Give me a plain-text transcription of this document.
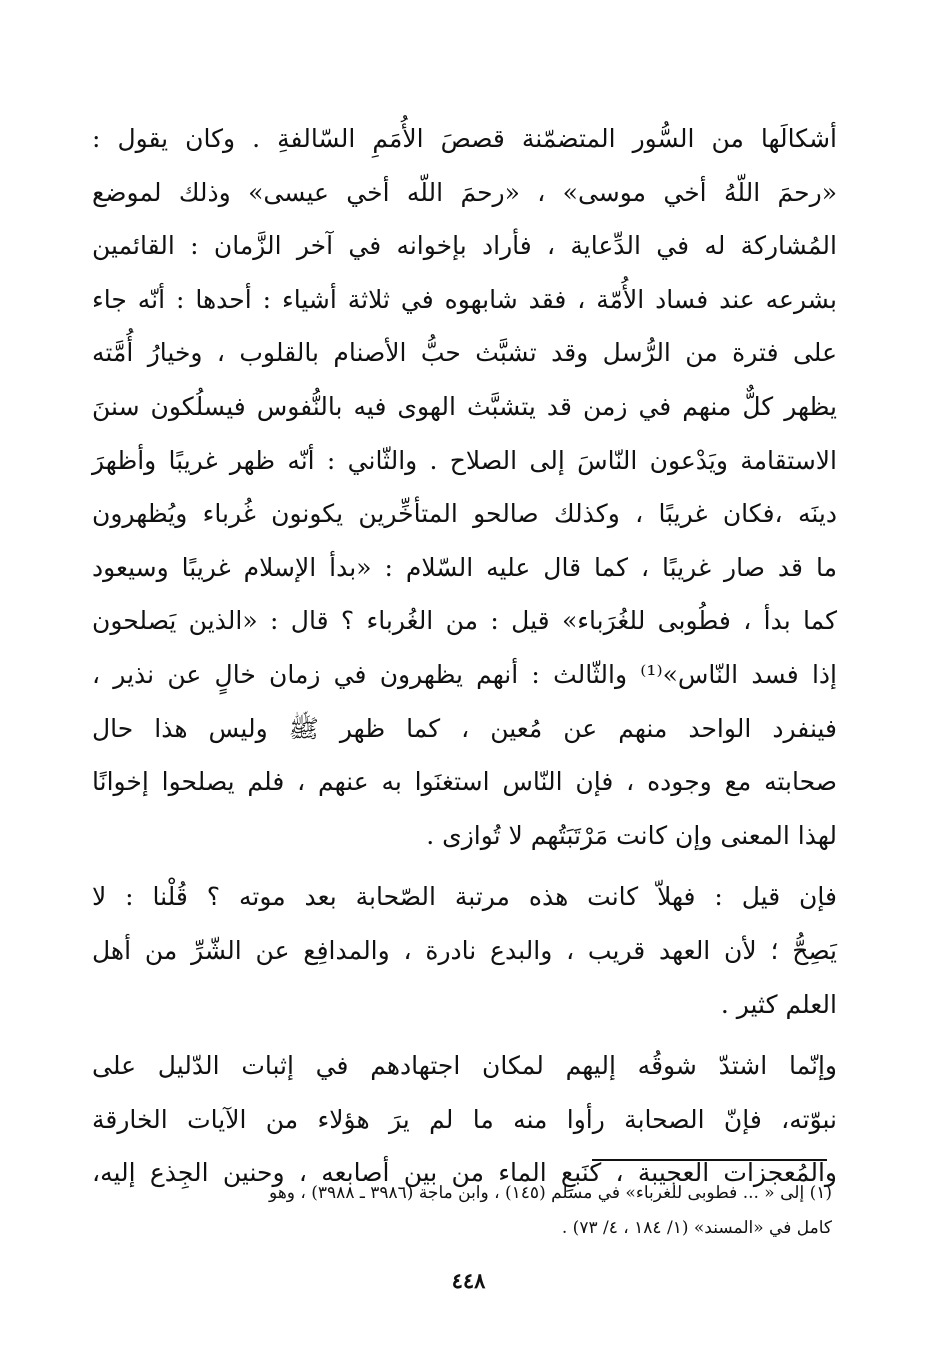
أشكالَها من السُّور المتضمّنة قصصَ الأُمَمِ السّالفةِ . وكان يقول :
«رحمَ اللّهُ أخي موسى» ، «رحمَ اللّه أخي عيسى» وذلك لموضع
المُشاركة له في الدِّعاية ، فأراد بإخوانه في آخر الزَّمان : القائمين
بشرعه عند فساد الأُمّة ، فقد شابهوه في ثلاثة أشياء : أحدها : أنّه جاء
على فترة من الرُّسل وقد تشبَّث حبُّ الأصنام بالقلوب ، وخيارُ أُمَّته
يظهر كلٌّ منهم في زمن قد يتشبَّث الهوى فيه بالنُّفوس فيسلُكون سننَ
الاستقامة ويَدْعون النّاسَ إلى الصلاح . والثّاني : أنّه ظهر غريبًا وأظهرَ
دينَه ،فكان غريبًا ، وكذلك صالحو المتأخِّرين يكونون غُرباء ويُظهرون
ما قد صار غريبًا ، كما قال عليه السّلام : «بدأ الإسلام غريبًا وسيعود
كما بدأ ، فطُوبى للغُرَباء» قيل : من الغُرباء ؟ قال : «الذين يَصلحون
إذا فسد النّاس»⁽¹⁾ والثّالث : أنهم يظهرون في زمان خالٍ عن نذير ،
فينفرد الواحد منهم عن مُعين ، كما ظهر ﷺ وليس هذا حال
صحابته مع وجوده ، فإن النّاس استغنَوا به عنهم ، فلم يصلحوا إخوانًا
لهذا المعنى وإن كانت مَرْتَبَتُهم لا تُوازى .
فإن قيل : فهلاّ كانت هذه مرتبة الصّحابة بعد موته ؟ قُلْنا : لا
يَصِحُّ ؛ لأن العهد قريب ، والبدع نادرة ، والمدافِع عن الشّرِّ من أهل
العلم كثير .
وإنّما اشتدّ شوقُه إليهم لمكان اجتهادهم في إثبات الدّليل على
نبوّته، فإنّ الصحابة رأوا منه ما لم يرَ هؤلاء من الآيات الخارقة
والمُعجزات العجيبة ، كنَبعِ الماء من بين أصابعه ، وحنين الجِذع إليه،
(١) إلى « ... فطوبى للغرباء» في مسلم (١٤٥) ، وابن ماجة (٣٩٨٦ ـ ٣٩٨٨) ، وهو
كامل في «المسند» (١/ ١٨٤ ، ٤/ ٧٣) .
٤٤٨
